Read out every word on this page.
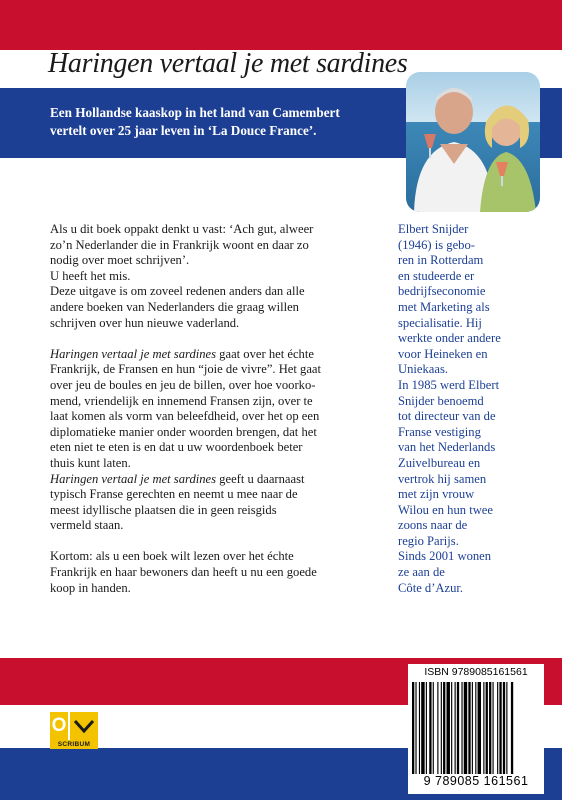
Haringen vertaal je met sardines
Een Hollandse kaaskop in het land van Camembert
vertelt over 25 jaar leven in ‘La Douce France’.

Als u dit boek oppakt denkt u vast: ‘Ach gut, alweer
zo’n Nederlander die in Frankrijk woont en daar zo
nodig over moet schrijven’.
U heeft het mis.
Deze uitgave is om zoveel redenen anders dan alle
andere boeken van Nederlanders die graag willen
schrijven over hun nieuwe vaderland.

Haringen vertaal je met sardines gaat over het échte
Frankrijk, de Fransen en hun “joie de vivre”. Het gaat
over jeu de boules en jeu de billen, over hoe voorko-
mend, vriendelijk en innemend Fransen zijn, over te
laat komen als vorm van beleefdheid, over het op een
diplomatieke manier onder woorden brengen, dat het
eten niet te eten is en dat u uw woordenboek beter
thuis kunt laten.

Haringen vertaal je met sardines geeft u daarnaast
typisch Franse gerechten en neemt u mee naar de
meest idyllische plaatsen die in geen reisgids
vermeld staan.

Kortom: als u een boek wilt lezen over het échte
Frankrijk en haar bewoners dan heeft u nu een goede
koop in handen.

Elbert Snijder
(1946) is gebo-
ren in Rotterdam
en studeerde er
bedrijfseconomie
met Marketing als
specialisatie. Hij
werkte onder andere
voor Heineken en
Uniekaas.
In 1985 werd Elbert
Snijder benoemd
tot directeur van de
Franse vestiging
van het Nederlands
Zuivelbureau en
vertrok hij samen
met zijn vrouw
Wilou en hun twee
zoons naar de
regio Parijs.
Sinds 2001 wonen
ze aan de
Côte d’Azur.
O
SCRIBUM
ISBN 9789085161561
9 789085 161561
